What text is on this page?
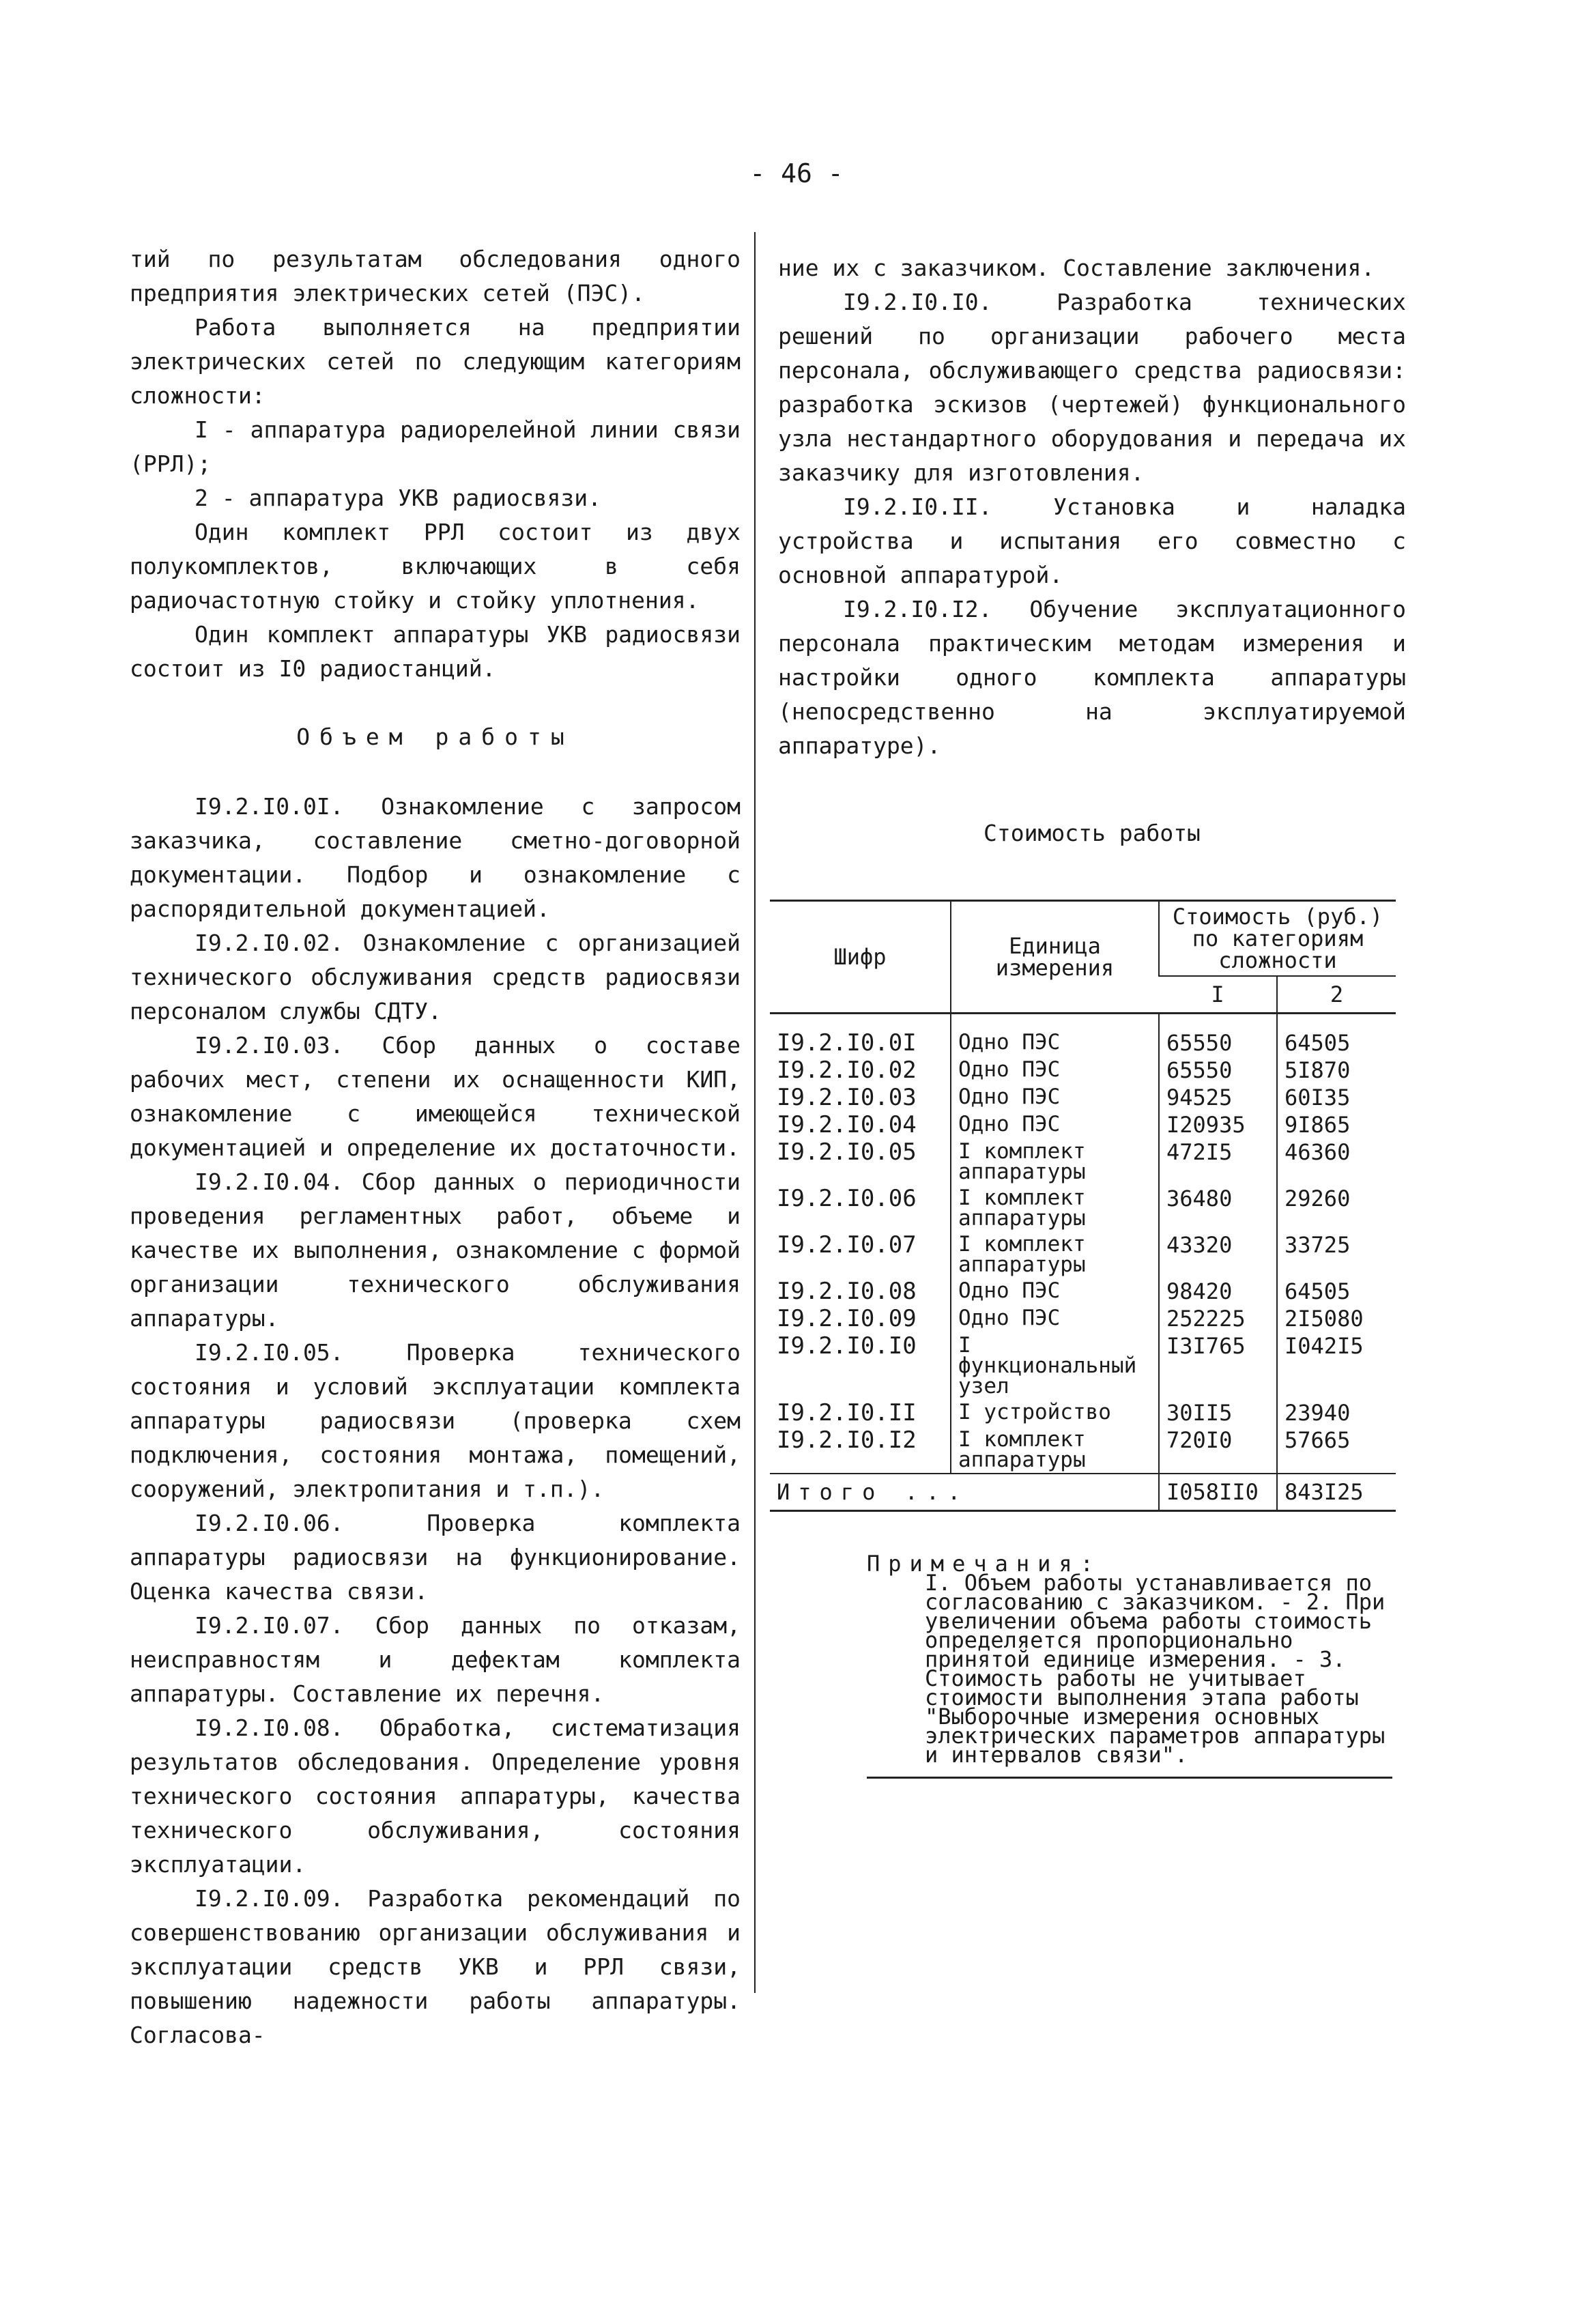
- 46 -

тий по результатам обследования одного предприятия электрических сетей (ПЭС).

Работа выполняется на предприятии электрических сетей по следующим категориям сложности:

I - аппаратура радиорелейной линии связи (РРЛ);

2 - аппаратура УКВ радиосвязи.

Один комплект РРЛ состоит из двух полукомплектов, включающих в себя радиочастотную стойку и стойку уплотнения.

Один комплект аппаратуры УКВ радиосвязи состоит из I0 радиостанций.

Объем работы

I9.2.I0.0I. Ознакомление с запросом заказчика, составление сметно-договорной документации. Подбор и ознакомление с распорядительной документацией.

I9.2.I0.02. Ознакомление с организацией технического обслуживания средств радиосвязи персоналом службы СДТУ.

I9.2.I0.03. Сбор данных о составе рабочих мест, степени их оснащенности КИП, ознакомление с имеющейся технической документацией и определение их достаточности.

I9.2.I0.04. Сбор данных о периодичности проведения регламентных работ, объеме и качестве их выполнения, ознакомление с формой организации технического обслуживания аппаратуры.

I9.2.I0.05. Проверка технического состояния и условий эксплуатации комплекта аппаратуры радиосвязи (проверка схем подключения, состояния монтажа, помещений, сооружений, электропитания и т.п.).

I9.2.I0.06. Проверка комплекта аппаратуры радиосвязи на функционирование. Оценка качества связи.

I9.2.I0.07. Сбор данных по отказам, неисправностям и дефектам комплекта аппаратуры. Составление их перечня.

I9.2.I0.08. Обработка, систематизация результатов обследования. Определение уровня технического состояния аппаратуры, качества технического обслуживания, состояния эксплуатации.

I9.2.I0.09. Разработка рекомендаций по совершенствованию организации обслуживания и эксплуатации средств УКВ и РРЛ связи, повышению надежности работы аппаратуры. Согласова-

ние их с заказчиком. Составление заключения.

I9.2.I0.I0. Разработка технических решений по организации рабочего места персонала, обслуживающего средства радиосвязи: разработка эскизов (чертежей) функционального узла нестандартного оборудования и передача их заказчику для изготовления.

I9.2.I0.II. Установка и наладка устройства и испытания его совместно с основной аппаратурой.

I9.2.I0.I2. Обучение эксплуатационного персонала практическим методам измерения и настройки одного комплекта аппаратуры (непосредственно на эксплуатируемой аппаратуре).

Стоимость работы
Шифр	Единица измерения	Стоимость (руб.) по категориям сложности	
		I	2
I9.2.I0.0I	Одно ПЭС	65550	64505
I9.2.I0.02	Одно ПЭС	65550	5I870
I9.2.I0.03	Одно ПЭС	94525	60I35
I9.2.I0.04	Одно ПЭС	I20935	9I865
I9.2.I0.05	I комплект аппаратуры	472I5	46360
I9.2.I0.06	I комплект аппаратуры	36480	29260
I9.2.I0.07	I комплект аппаратуры	43320	33725
I9.2.I0.08	Одно ПЭС	98420	64505
I9.2.I0.09	Одно ПЭС	252225	2I5080
I9.2.I0.I0	I функциональный узел	I3I765	I042I5
I9.2.I0.II	I устройство	30II5	23940
I9.2.I0.I2	I комплект аппаратуры	720I0	57665
Итого ...		I058II0	843I25
Примечания:
I. Объем работы устанавливается по согласованию с заказчиком. - 2. При увеличении объема работы стоимость определяется пропорционально принятой единице измерения. - 3. Стоимость работы не учитывает стоимости выполнения этапа работы "Выборочные измерения основных электрических параметров аппаратуры и интервалов связи".
